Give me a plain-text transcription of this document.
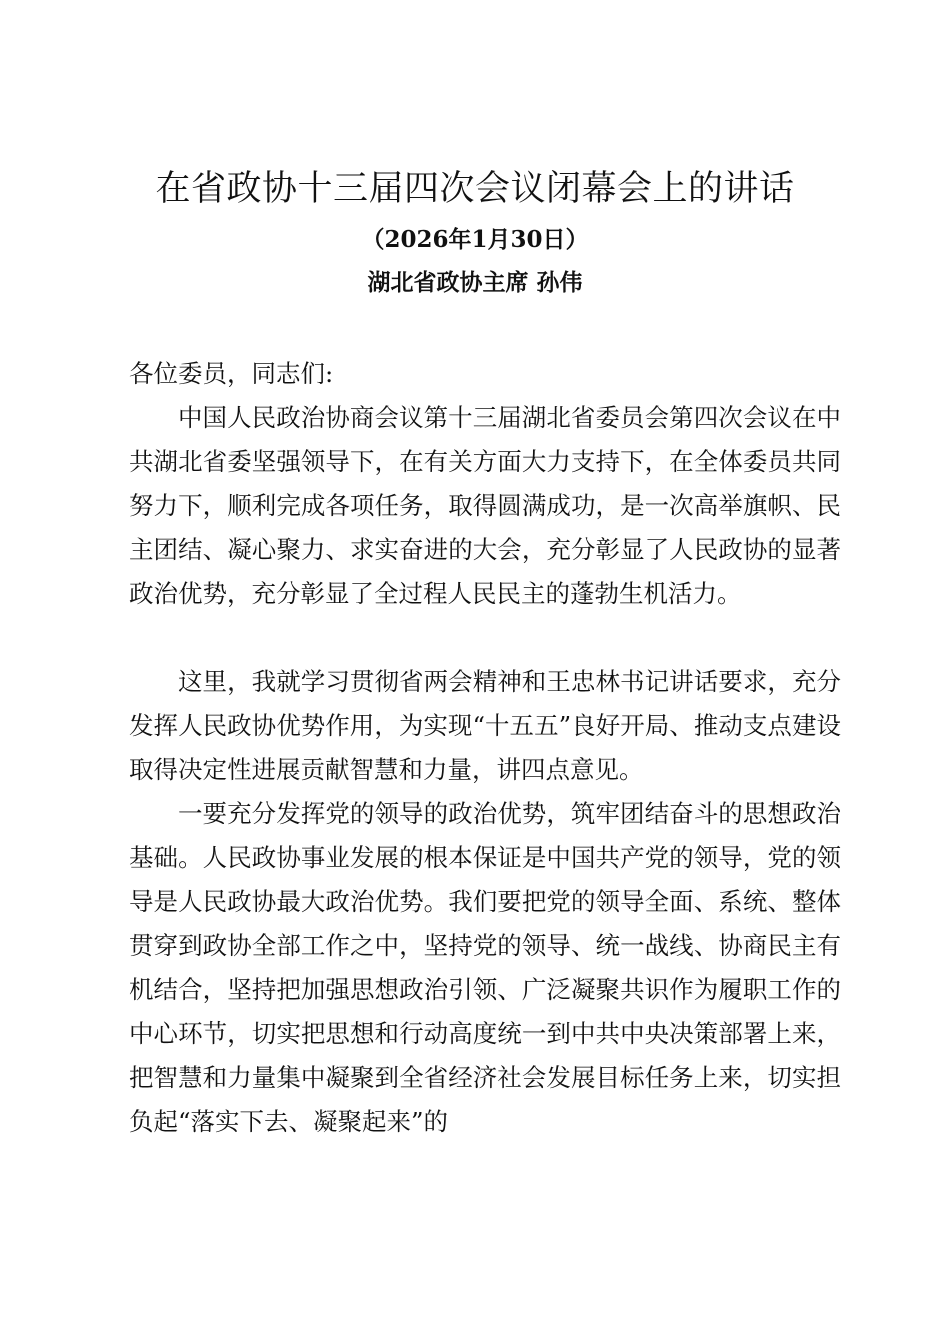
在省政协十三届四次会议闭幕会上的讲话
（2026年1月30日）
湖北省政协主席 孙伟
各位委员，同志们:
中国人民政治协商会议第十三届湖北省委员会第四次会议在中共湖北省委坚强领导下，在有关方面大力支持下，在全体委员共同努力下，顺利完成各项任务，取得圆满成功，是一次高举旗帜、民主团结、凝心聚力、求实奋进的大会，充分彰显了人民政协的显著政治优势，充分彰显了全过程人民民主的蓬勃生机活力。
这里，我就学习贯彻省两会精神和王忠林书记讲话要求，充分发挥人民政协优势作用，为实现“十五五”良好开局、推动支点建设取得决定性进展贡献智慧和力量，讲四点意见。
一要充分发挥党的领导的政治优势，筑牢团结奋斗的思想政治基础。人民政协事业发展的根本保证是中国共产党的领导，党的领导是人民政协最大政治优势。我们要把党的领导全面、系统、整体贯穿到政协全部工作之中，坚持党的领导、统一战线、协商民主有机结合，坚持把加强思想政治引领、广泛凝聚共识作为履职工作的中心环节，切实把思想和行动高度统一到中共中央决策部署上来，把智慧和力量集中凝聚到全省经济社会发展目标任务上来，切实担负起“落实下去、凝聚起来”的
